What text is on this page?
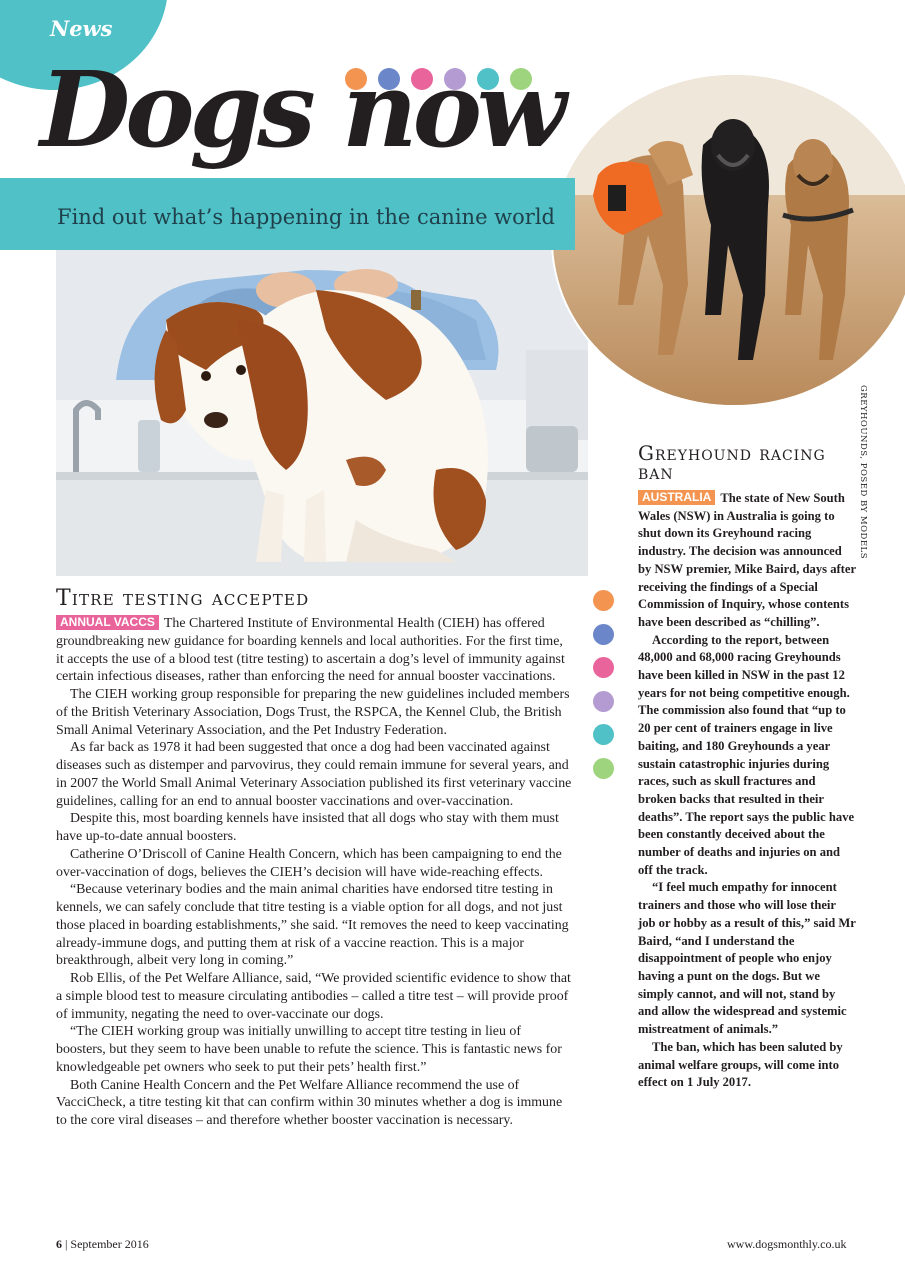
News
Dogs now

Find out what’s happening in the canine world

GREYHOUNDS, POSED BY MODELS
Titre testing accepted

ANNUAL VACCS The Chartered Institute of Environmental Health (CIEH) has offered groundbreaking new guidance for boarding kennels and local authorities. For the first time, it accepts the use of a blood test (titre testing) to ascertain a dog’s level of immunity against certain infectious diseases, rather than enforcing the need for annual booster vaccinations.

The CIEH working group responsible for preparing the new guidelines included members of the British Veterinary Association, Dogs Trust, the RSPCA, the Kennel Club, the British Small Animal Veterinary Association, and the Pet Industry Federation.

As far back as 1978 it had been suggested that once a dog had been vaccinated against diseases such as distemper and parvovirus, they could remain immune for several years, and in 2007 the World Small Animal Veterinary Association published its first veterinary vaccine guidelines, calling for an end to annual booster vaccinations and over-vaccination.

Despite this, most boarding kennels have insisted that all dogs who stay with them must have up-to-date annual boosters.

Catherine O’Driscoll of Canine Health Concern, which has been campaigning to end the over-vaccination of dogs, believes the CIEH’s decision will have wide-reaching effects.

“Because veterinary bodies and the main animal charities have endorsed titre testing in kennels, we can safely conclude that titre testing is a viable option for all dogs, and not just those placed in boarding establishments,” she said. “It removes the need to keep vaccinating already-immune dogs, and putting them at risk of a vaccine reaction. This is a major breakthrough, albeit very long in coming.”

Rob Ellis, of the Pet Welfare Alliance, said, “We provided scientific evidence to show that a simple blood test to measure circulating antibodies – called a titre test – will provide proof of immunity, negating the need to over-vaccinate our dogs.

“The CIEH working group was initially unwilling to accept titre testing in lieu of boosters, but they seem to have been unable to refute the science. This is fantastic news for knowledgeable pet owners who seek to put their pets’ health first.”

Both Canine Health Concern and the Pet Welfare Alliance recommend the use of VacciCheck, a titre testing kit that can confirm within 30 minutes whether a dog is immune to the core viral diseases – and therefore whether booster vaccination is necessary.

Greyhound racing ban

AUSTRALIA The state of New South Wales (NSW) in Australia is going to shut down its Greyhound racing industry. The decision was announced by NSW premier, Mike Baird, days after receiving the findings of a Special Commission of Inquiry, whose contents have been described as “chilling”.

According to the report, between 48,000 and 68,000 racing Greyhounds have been killed in NSW in the past 12 years for not being competitive enough. The commission also found that “up to 20 per cent of trainers engage in live baiting, and 180 Greyhounds a year sustain catastrophic injuries during races, such as skull fractures and broken backs that resulted in their deaths”. The report says the public have been constantly deceived about the number of deaths and injuries on and off the track.

“I feel much empathy for innocent trainers and those who will lose their job or hobby as a result of this,” said Mr Baird, “and I understand the disappointment of people who enjoy having a punt on the dogs. But we simply cannot, and will not, stand by and allow the widespread and systemic mistreatment of animals.”

The ban, which has been saluted by animal welfare groups, will come into effect on 1 July 2017.

6 | September 2016	www.dogsmonthly.co.uk
